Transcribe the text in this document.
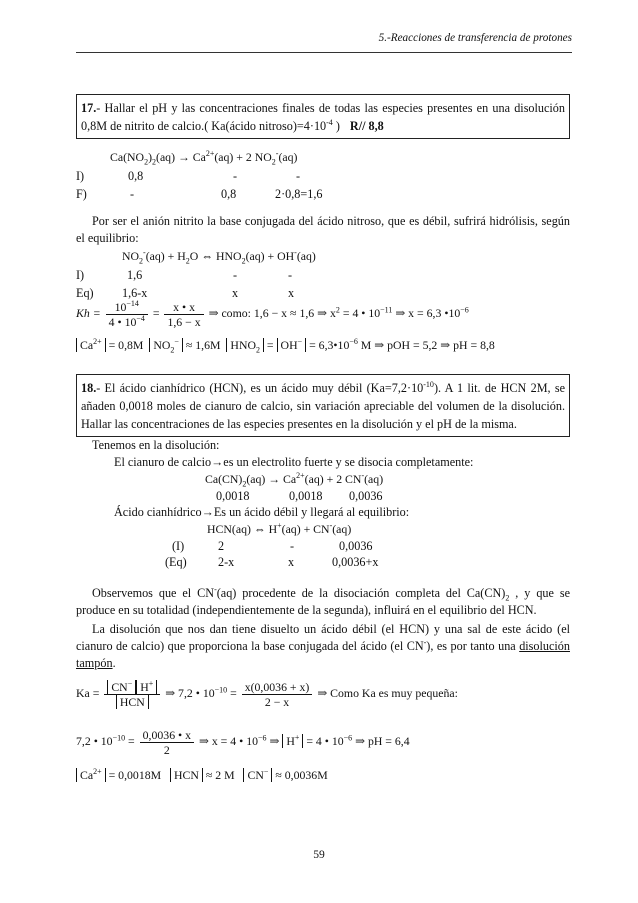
5.-Reacciones de transferencia de protones
17.- Hallar el pH y las concentraciones finales de todas las especies presentes en una disolución 0,8M de nitrito de calcio.( Ka(ácido $nitroso)=4\cdot 10^{-4}$ ) R// 8,8
$Ca(NO_2)_2(aq) \to Ca^{2+}(aq) + 2$ $NO_2^-(aq)$
I)	0,8	-	-
F)	-	0,8	2·0,8=1,6
Por ser el anión nitrito la base conjugada del ácido nitroso, que es débil, sufrirá hidrólisis, según el equilibrio:
$NO_2^-(aq) + H_2O$ ⇔ $HNO_2(aq) + OH^-(aq)$
I)	1,6	-	-
Eq) 1,6-x	x	x
$Kh = \frac{10^{-14}}{4 • 10^{-4}} = \frac{x • x}{1,6 - x}$ ⇒ como: 1,6 − x ≈ 1,6 ⇒ $x^2 = 4$ • $10^{-11}$ ⇒ x = 6,3 $•10^{-6}$
$Ca^{2+} = 0,8M$ $NO_2^- \approx 1,6M$ $HNO_2 = OH^-$ = $6,3•10^{-6}$ M ⇒ pOH = 5,2 ⇒ pH = 8,8
18.- El ácido cianhídrico (HCN), es un ácido muy débil $(Ka=7,2\cdot 10^{-10})$. A 1 lit. de HCN 2M, se añaden 0,0018 moles de cianuro de calcio, sin variación apreciable del volumen de la disolución. Hallar las concentraciones de las especies presentes en la disolución y el pH de la misma.
Tenemos en la disolución:
El cianuro de calcio→es un electrolito fuerte y se disocia completamente:
$Ca(CN)_2(aq) \to Ca^{2+}(aq) + 2$ CN-(aq)
0,0018	0,0018 0,0036
Ácido cianhídrico→Es un ácido débil y llegará al equilibrio:
HCN(aq) ⇔ H+(aq) + CN-(aq)
(I)	2	-	0,0036
(Eq)	2-x	x	0,0036+x
Observemos que el CN-(aq) procedente de la disociación completa del $Ca(CN)_2$ , y que se produce en su totalidad (independientemente de la segunda), influirá en el equilibrio del HCN.
La disolución que nos dan tiene disuelto un ácido débil (el HCN) y una sal de este ácido (el cianuro de calcio) que proporciona la base conjugada del ácido (el CN-), es por tanto una disolución tampón.
$Ka = \frac{CN^- H^+}{\text{HCN}}$ ⇒ 7,2 • $10^{-10} = \frac{x(0,0036 + x)}{2 - x}$ ⇒ Como Ka es muy pequeña:
7,2 • $10^{-10} = \frac{0,0036 • x}{2}$ ⇒ x = 4 • $10^{-6}$ ⇒ H+ = 4 • $10^{-6}$ ⇒ pH = 6,4
$Ca^{2+} = 0,0018M$ HCN ≈ 2 M CN− ≈ 0,0036M
59
